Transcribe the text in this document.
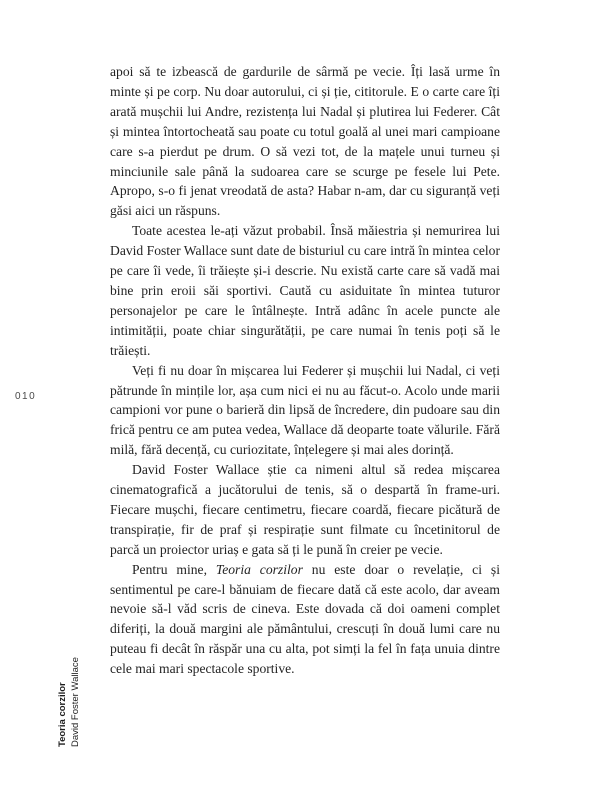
010
Teoria corzilor David Foster Wallace

apoi să te izbească de gardurile de sârmă pe vecie. Îți lasă urme în minte și pe corp. Nu doar autorului, ci și ție, cititorule. E o carte care îți arată mușchii lui Andre, rezistența lui Nadal și plutirea lui Federer. Cât și mintea întortocheată sau poate cu totul goală al unei mari campioane care s-a pierdut pe drum. O să vezi tot, de la mațele unui turneu și minciunile sale până la sudoarea care se scurge pe fesele lui Pete. Apropo, s-o fi jenat vreodată de asta? Habar n-am, dar cu siguranță veți găsi aici un răspuns.

Toate acestea le-ați văzut probabil. Însă măiestria și nemurirea lui David Foster Wallace sunt date de bisturiul cu care intră în mintea celor pe care îi vede, îi trăiește și-i descrie. Nu există carte care să vadă mai bine prin eroii săi sportivi. Caută cu asiduitate în mintea tuturor personajelor pe care le întâlnește. Intră adânc în acele puncte ale intimității, poate chiar singurătății, pe care numai în tenis poți să le trăiești.

Veți fi nu doar în mișcarea lui Federer și mușchii lui Nadal, ci veți pătrunde în mințile lor, așa cum nici ei nu au făcut-o. Acolo unde marii campioni vor pune o barieră din lipsă de încredere, din pudoare sau din frică pentru ce am putea vedea, Wallace dă deoparte toate vălurile. Fără milă, fără decență, cu curiozitate, înțelegere și mai ales dorință.

David Foster Wallace știe ca nimeni altul să redea mișcarea cinematografică a jucătorului de tenis, să o despartă în frame-uri. Fiecare mușchi, fiecare centimetru, fiecare coardă, fiecare picătură de transpirație, fir de praf și respirație sunt filmate cu încetinitorul de parcă un proiector uriaș e gata să ți le pună în creier pe vecie.

Pentru mine, Teoria corzilor nu este doar o revelație, ci și sentimentul pe care-l bănuiam de fiecare dată că este acolo, dar aveam nevoie să-l văd scris de cineva. Este dovada că doi oameni complet diferiți, la două margini ale pământului, crescuți în două lumi care nu puteau fi decât în răspăr una cu alta, pot simți la fel în fața unuia dintre cele mai mari spectacole sportive.
